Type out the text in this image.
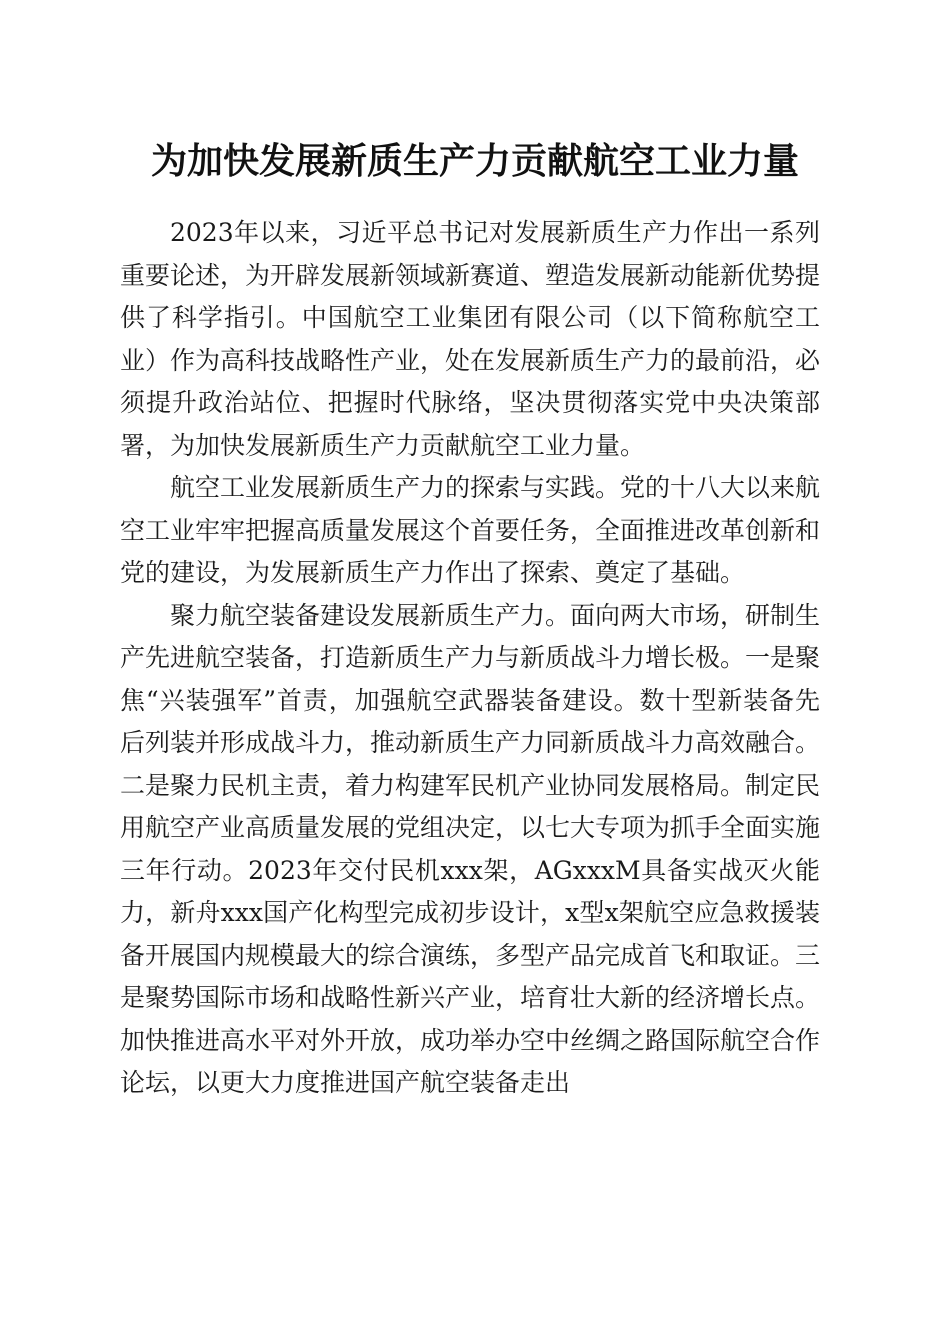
为加快发展新质生产力贡献航空工业力量

2023年以来，习近平总书记对发展新质生产力作出一系列重要论述，为开辟发展新领域新赛道、塑造发展新动能新优势提供了科学指引。中国航空工业集团有限公司（以下简称航空工业）作为高科技战略性产业，处在发展新质生产力的最前沿，必须提升政治站位、把握时代脉络，坚决贯彻落实党中央决策部署，为加快发展新质生产力贡献航空工业力量。

航空工业发展新质生产力的探索与实践。党的十八大以来航空工业牢牢把握高质量发展这个首要任务，全面推进改革创新和党的建设，为发展新质生产力作出了探索、奠定了基础。

聚力航空装备建设发展新质生产力。面向两大市场，研制生产先进航空装备，打造新质生产力与新质战斗力增长极。一是聚焦“兴装强军”首责，加强航空武器装备建设。数十型新装备先后列装并形成战斗力，推动新质生产力同新质战斗力高效融合。二是聚力民机主责，着力构建军民机产业协同发展格局。制定民用航空产业高质量发展的党组决定，以七大专项为抓手全面实施三年行动。2023年交付民机xxx架，AGxxxM具备实战灭火能力，新舟xxx国产化构型完成初步设计，x型x架航空应急救援装备开展国内规模最大的综合演练，多型产品完成首飞和取证。三是聚势国际市场和战略性新兴产业，培育壮大新的经济增长点。加快推进高水平对外开放，成功举办空中丝绸之路国际航空合作论坛，以更大力度推进国产航空装备走出
